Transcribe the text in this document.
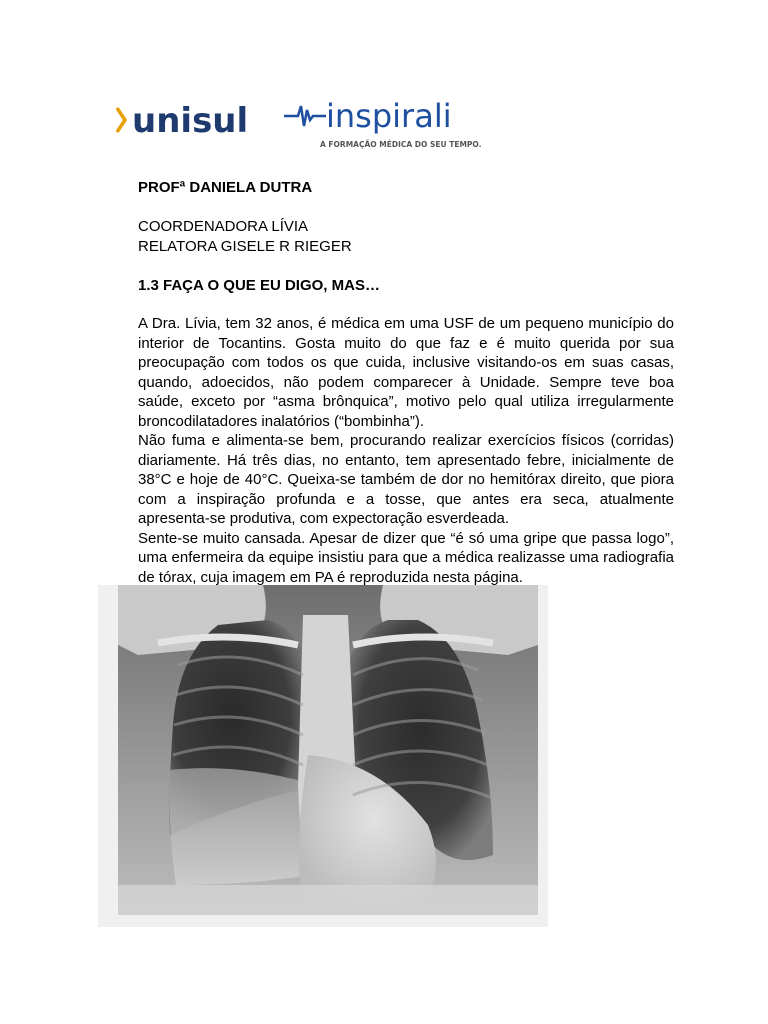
unisul inspirali
A FORMAÇÃO MÉDICA DO SEU TEMPO.
PROFª DANIELA DUTRA
COORDENADORA LÍVIA
RELATORA GISELE R RIEGER
1.3 FAÇA O QUE EU DIGO, MAS…

A Dra. Lívia, tem 32 anos, é médica em uma USF de um pequeno município do interior de Tocantins. Gosta muito do que faz e é muito querida por sua preocupação com todos os que cuida, inclusive visitando-os em suas casas, quando, adoecidos, não podem comparecer à Unidade. Sempre teve boa saúde, exceto por “asma brônquica”, motivo pelo qual utiliza irregularmente broncodilatadores inalatórios (“bombinha”).

Não fuma e alimenta-se bem, procurando realizar exercícios físicos (corridas) diariamente. Há três dias, no entanto, tem apresentado febre, inicialmente de 38°C e hoje de 40°C. Queixa-se também de dor no hemitórax direito, que piora com a inspiração profunda e a tosse, que antes era seca, atualmente apresenta-se produtiva, com expectoração esverdeada.

Sente-se muito cansada. Apesar de dizer que “é só uma gripe que passa logo”, uma enfermeira da equipe insistiu para que a médica realizasse uma radiografia de tórax, cuja imagem em PA é reproduzida nesta página.
